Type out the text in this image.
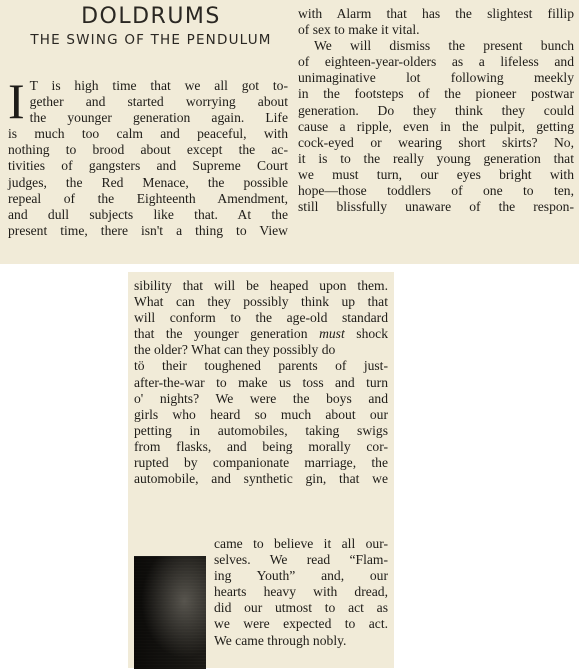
DOLDRUMS
THE SWING OF THE PENDULUM
I T is high time that we all got to-
gether and started worrying about
the younger generation again. Life
is much too calm and peaceful, with
nothing to brood about except the ac-
tivities of gangsters and Supreme Court
judges, the Red Menace, the possible
repeal of the Eighteenth Amendment,
and dull subjects like that. At the
present time, there isn't a thing to View
with Alarm that has the slightest fillip
of sex to make it vital.
We will dismiss the present bunch
of eighteen-year-olders as a lifeless and
unimaginative lot following meekly
in the footsteps of the pioneer postwar
generation. Do they think they could
cause a ripple, even in the pulpit, getting
cock-eyed or wearing short skirts? No,
it is to the really young generation that
we must turn, our eyes bright with
hope—those toddlers of one to ten,
still blissfully unaware of the respon-
sibility that will be heaped upon them.
What can they possibly think up that
will conform to the age-old standard
that the younger generation must shock
the older? What can they possibly do
tö their toughened parents of just-
after-the-war to make us toss and turn
o' nights? We were the boys and
girls who heard so much about our
petting in automobiles, taking swigs
from flasks, and being morally cor-
rupted by companionate marriage, the
automobile, and synthetic gin, that we
came to believe it all our-
selves. We read “Flam-
ing Youth” and, our
hearts heavy with dread,
did our utmost to act as
we were expected to act.
We came through nobly.
